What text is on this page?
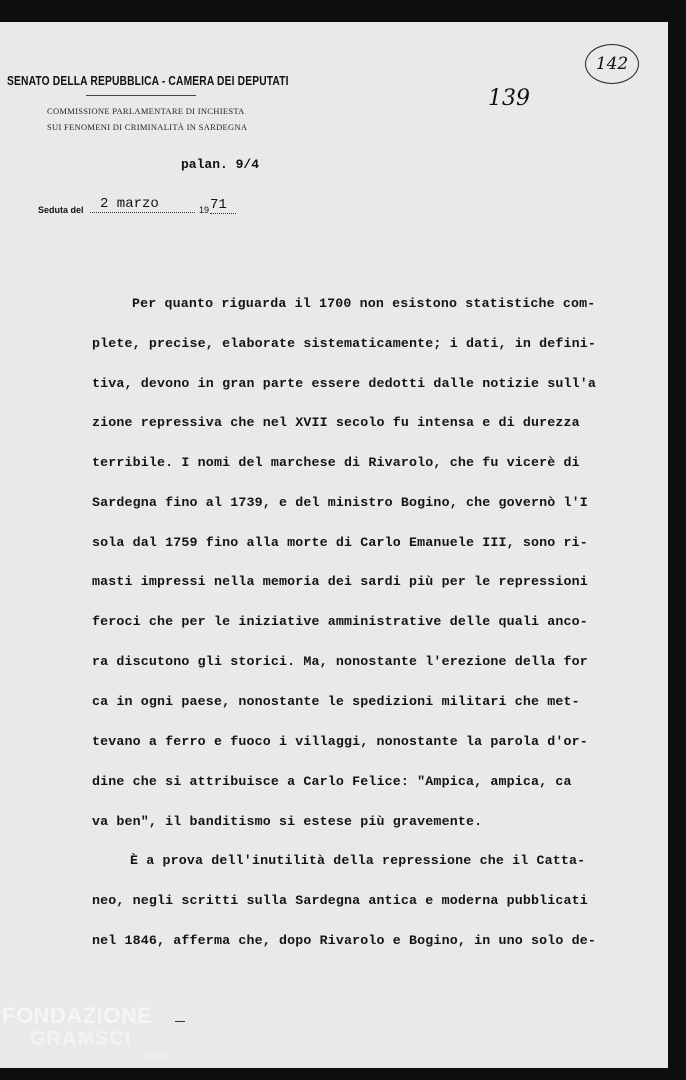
SENATO DELLA REPUBBLICA - CAMERA DEI DEPUTATI
COMMISSIONE PARLAMENTARE DI INCHIESTA
SUI FENOMENI DI CRIMINALITÀ IN SARDEGNA
139
142
palan. 9/4
Seduta del	2 marzo	19 71
Per quanto riguarda il 1700 non esistono statistiche com-
plete, precise, elaborate sistematicamente; i dati, in defini-
tiva, devono in gran parte essere dedotti dalle notizie sull'a
zione repressiva che nel XVII secolo fu intensa e di durezza
terribile. I nomi del marchese di Rivarolo, che fu vicerè di
Sardegna fino al 1739, e del ministro Bogino, che governò l'I
sola dal 1759 fino alla morte di Carlo Emanuele III, sono ri-
masti impressi nella memoria dei sardi più per le repressioni
feroci che per le iniziative amministrative delle quali anco-
ra discutono gli storici. Ma, nonostante l'erezione della for
ca in ogni paese, nonostante le spedizioni militari che met-
tevano a ferro e fuoco i villaggi, nonostante la parola d'or-
dine che si attribuisce a Carlo Felice: "Ampica, ampica, ca
va ben", il banditismo si estese più gravemente.
È a prova dell'inutilità della repressione che il Catta-
neo, negli scritti sulla Sardegna antica e moderna pubblicati
nel 1846, afferma che, dopo Rivarolo e Bogino, in uno solo de-
FONDAZIONE
GRAMSCI
onlus
